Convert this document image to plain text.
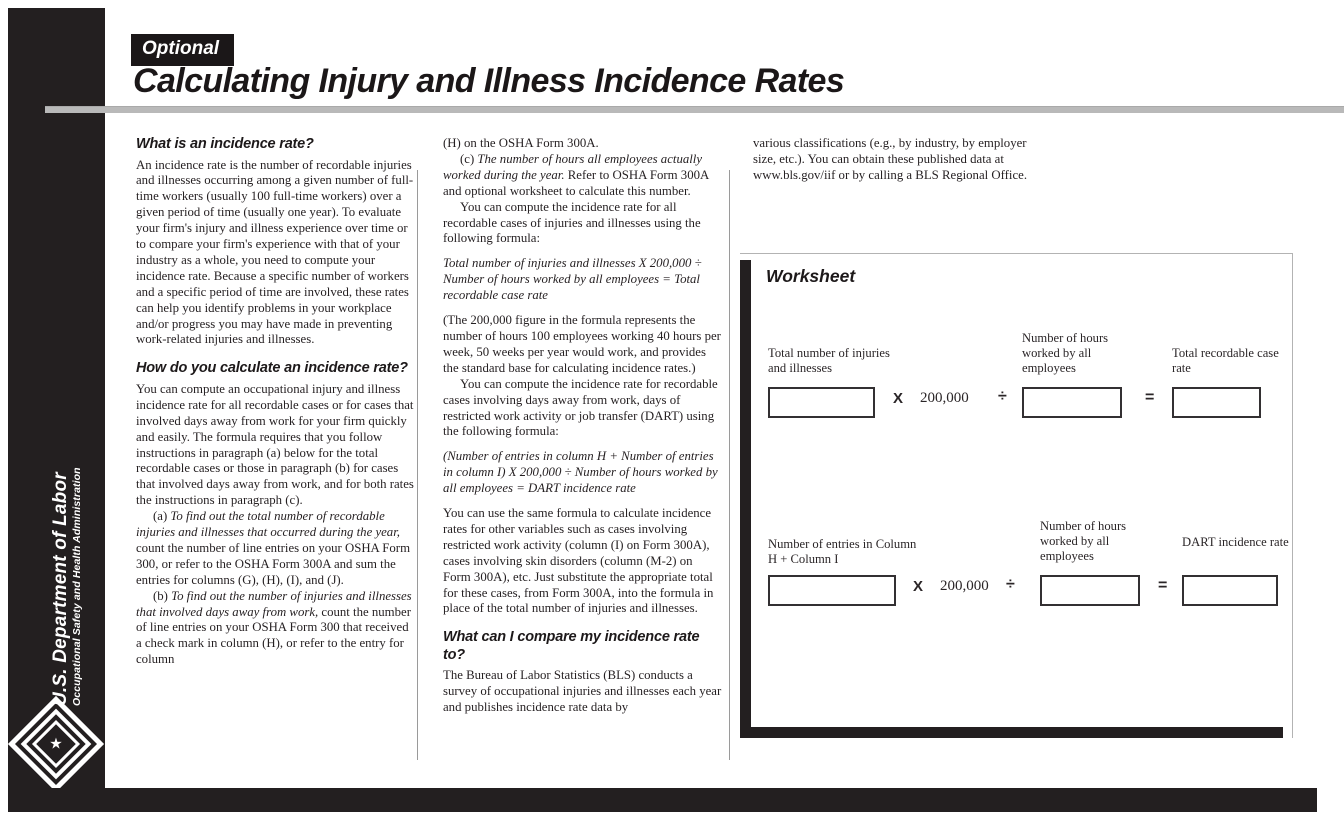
U.S. Department of Labor Occupational Safety and Health Administration
★
Optional
Calculating Injury and Illness Incidence Rates
What is an incidence rate?

An incidence rate is the number of recordable injuries and illnesses occurring among a given number of full-time workers (usually 100 full-time workers) over a given period of time (usually one year). To evaluate your firm's injury and illness experience over time or to compare your firm's experience with that of your industry as a whole, you need to compute your incidence rate. Because a specific number of workers and a specific period of time are involved, these rates can help you identify problems in your workplace and/or progress you may have made in preventing work-related injuries and illnesses.

How do you calculate an incidence rate?

You can compute an occupational injury and illness incidence rate for all recordable cases or for cases that involved days away from work for your firm quickly and easily. The formula requires that you follow instructions in paragraph (a) below for the total recordable cases or those in paragraph (b) for cases that involved days away from work, and for both rates the instructions in paragraph (c).

(a) To find out the total number of recordable injuries and illnesses that occurred during the year, count the number of line entries on your OSHA Form 300, or refer to the OSHA Form 300A and sum the entries for columns (G), (H), (I), and (J).

(b) To find out the number of injuries and illnesses that involved days away from work, count the number of line entries on your OSHA Form 300 that received a check mark in column (H), or refer to the entry for column

(H) on the OSHA Form 300A.

(c) The number of hours all employees actually worked during the year. Refer to OSHA Form 300A and optional worksheet to calculate this number.

You can compute the incidence rate for all recordable cases of injuries and illnesses using the following formula:

Total number of injuries and illnesses X 200,000 ÷ Number of hours worked by all employees = Total recordable case rate

(The 200,000 figure in the formula represents the number of hours 100 employees working 40 hours per week, 50 weeks per year would work, and provides the standard base for calculating incidence rates.)

You can compute the incidence rate for recordable cases involving days away from work, days of restricted work activity or job transfer (DART) using the following formula:

(Number of entries in column H + Number of entries in column I) X 200,000 ÷ Number of hours worked by all employees = DART incidence rate

You can use the same formula to calculate incidence rates for other variables such as cases involving restricted work activity (column (I) on Form 300A), cases involving skin disorders (column (M-2) on Form 300A), etc. Just substitute the appropriate total for these cases, from Form 300A, into the formula in place of the total number of injuries and illnesses.

What can I compare my incidence rate to?

The Bureau of Labor Statistics (BLS) conducts a survey of occupational injuries and illnesses each year and publishes incidence rate data by

various classifications (e.g., by industry, by employer size, etc.). You can obtain these published data at www.bls.gov/iif or by calling a BLS Regional Office.

Worksheet
Total number of injuries and illnesses
X 200,000 ÷
Number of hours worked by all employees
=
Total recordable case rate
Number of entries in Column H + Column I
X 200,000 ÷
Number of hours worked by all employees
=
DART incidence rate
